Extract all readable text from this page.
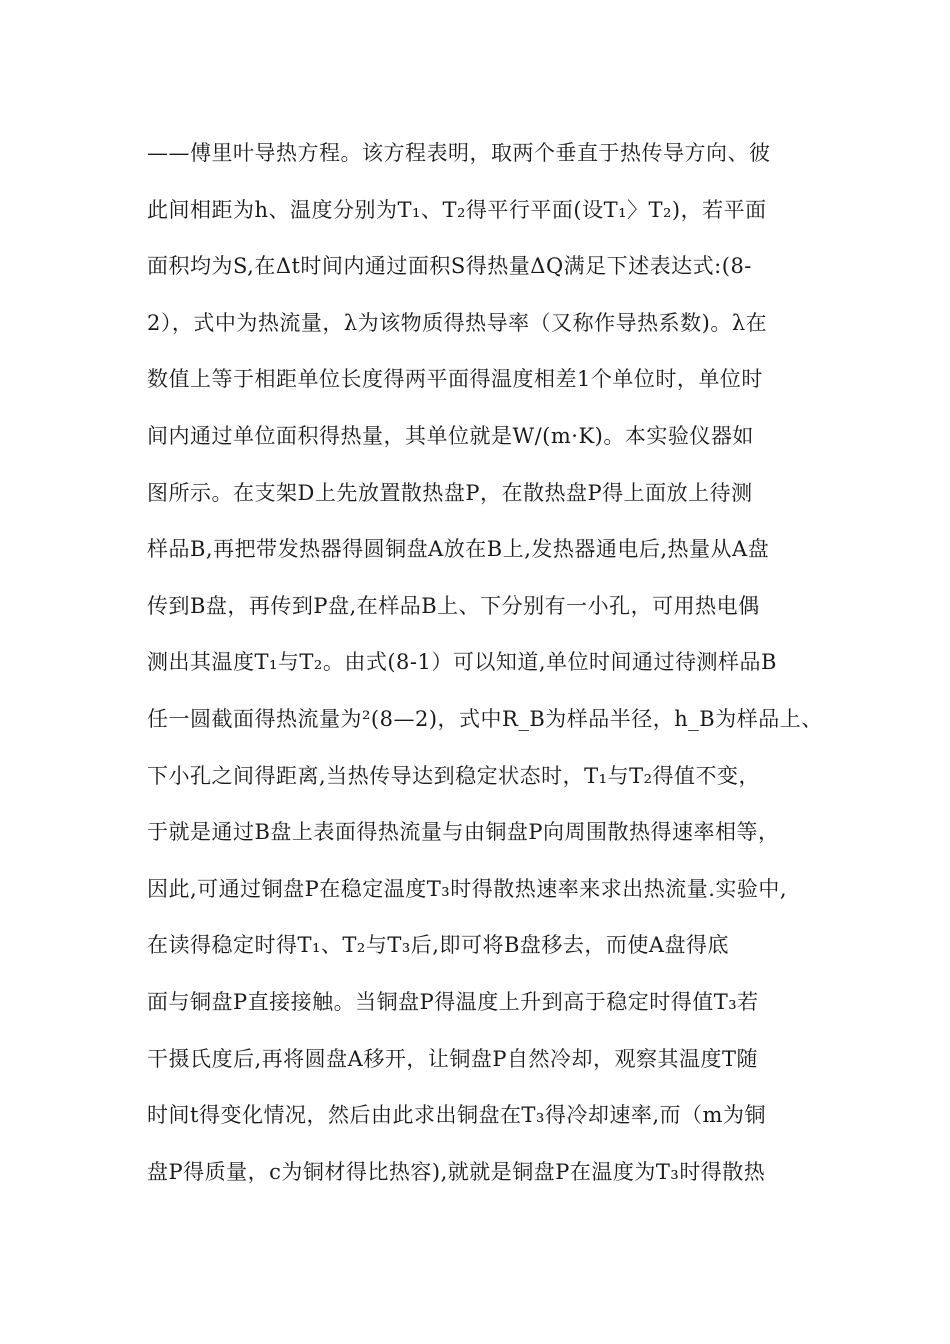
——傅里叶导热方程。该方程表明，取两个垂直于热传导方向、彼
此间相距为h、温度分别为T₁、T₂得平行平面(设T₁〉T₂)，若平面
面积均为S,在Δt时间内通过面积S得热量ΔQ满足下述表达式:(8-
2），式中为热流量，λ为该物质得热导率（又称作导热系数)。λ在
数值上等于相距单位长度得两平面得温度相差1个单位时，单位时
间内通过单位面积得热量，其单位就是W/(m·K)。本实验仪器如
图所示。在支架D上先放置散热盘P，在散热盘P得上面放上待测
样品B,再把带发热器得圆铜盘A放在B上,发热器通电后,热量从A盘
传到B盘，再传到P盘,在样品B上、下分别有一小孔，可用热电偶
测出其温度T₁与T₂。由式(8-1）可以知道,单位时间通过待测样品B
任一圆截面得热流量为²(8—2)，式中R_B为样品半径，h_B为样品上、
下小孔之间得距离,当热传导达到稳定状态时，T₁与T₂得值不变，
于就是通过B盘上表面得热流量与由铜盘P向周围散热得速率相等，
因此,可通过铜盘P在稳定温度T₃时得散热速率来求出热流量.实验中,
在读得稳定时得T₁、T₂与T₃后,即可将B盘移去，而使A盘得底
面与铜盘P直接接触。当铜盘P得温度上升到高于稳定时得值T₃若
干摄氏度后,再将圆盘A移开，让铜盘P自然冷却，观察其温度T随
时间t得变化情况，然后由此求出铜盘在T₃得冷却速率,而（m为铜
盘P得质量，c为铜材得比热容),就就是铜盘P在温度为T₃时得散热
